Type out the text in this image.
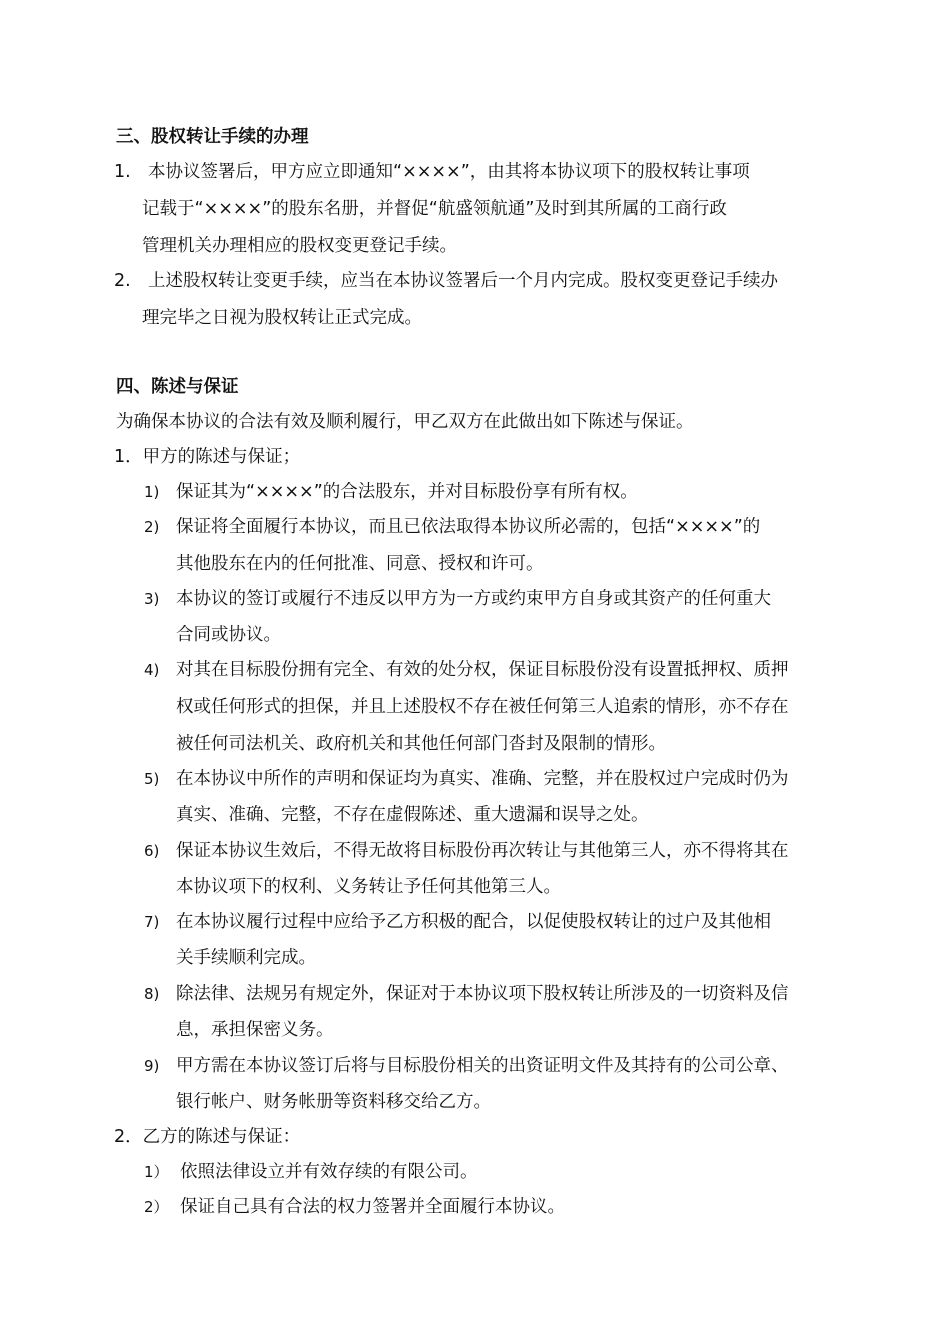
三、股权转让手续的办理
1. 本协议签署后，甲方应立即通知“××××”，由其将本协议项下的股权转让事项
记载于“××××”的股东名册，并督促“航盛领航通”及时到其所属的工商行政
管理机关办理相应的股权变更登记手续。
2. 上述股权转让变更手续，应当在本协议签署后一个月内完成。股权变更登记手续办
理完毕之日视为股权转让正式完成。
四、陈述与保证
为确保本协议的合法有效及顺利履行，甲乙双方在此做出如下陈述与保证。
1．甲方的陈述与保证；
1) 保证其为“××××”的合法股东，并对目标股份享有所有权。
2) 保证将全面履行本协议，而且已依法取得本协议所必需的，包括“××××”的
其他股东在内的任何批准、同意、授权和许可。
3) 本协议的签订或履行不违反以甲方为一方或约束甲方自身或其资产的任何重大
合同或协议。
4) 对其在目标股份拥有完全、有效的处分权，保证目标股份没有设置抵押权、质押
权或任何形式的担保，并且上述股权不存在被任何第三人追索的情形，亦不存在
被任何司法机关、政府机关和其他任何部门沓封及限制的情形。
5) 在本协议中所作的声明和保证均为真实、准确、完整，并在股权过户完成时仍为
真实、准确、完整，不存在虚假陈述、重大遗漏和误导之处。
6) 保证本协议生效后，不得无故将目标股份再次转让与其他第三人，亦不得将其在
本协议项下的权利、义务转让予任何其他第三人。
7) 在本协议履行过程中应给予乙方积极的配合，以促使股权转让的过户及其他相
关手续顺利完成。
8) 除法律、法规另有规定外，保证对于本协议项下股权转让所涉及的一切资料及信
息，承担保密义务。
9) 甲方需在本协议签订后将与目标股份相关的出资证明文件及其持有的公司公章、
银行帐户、财务帐册等资料移交给乙方。
2．乙方的陈述与保证：
1） 依照法律设立并有效存续的有限公司。
2） 保证自己具有合法的权力签署并全面履行本协议。
